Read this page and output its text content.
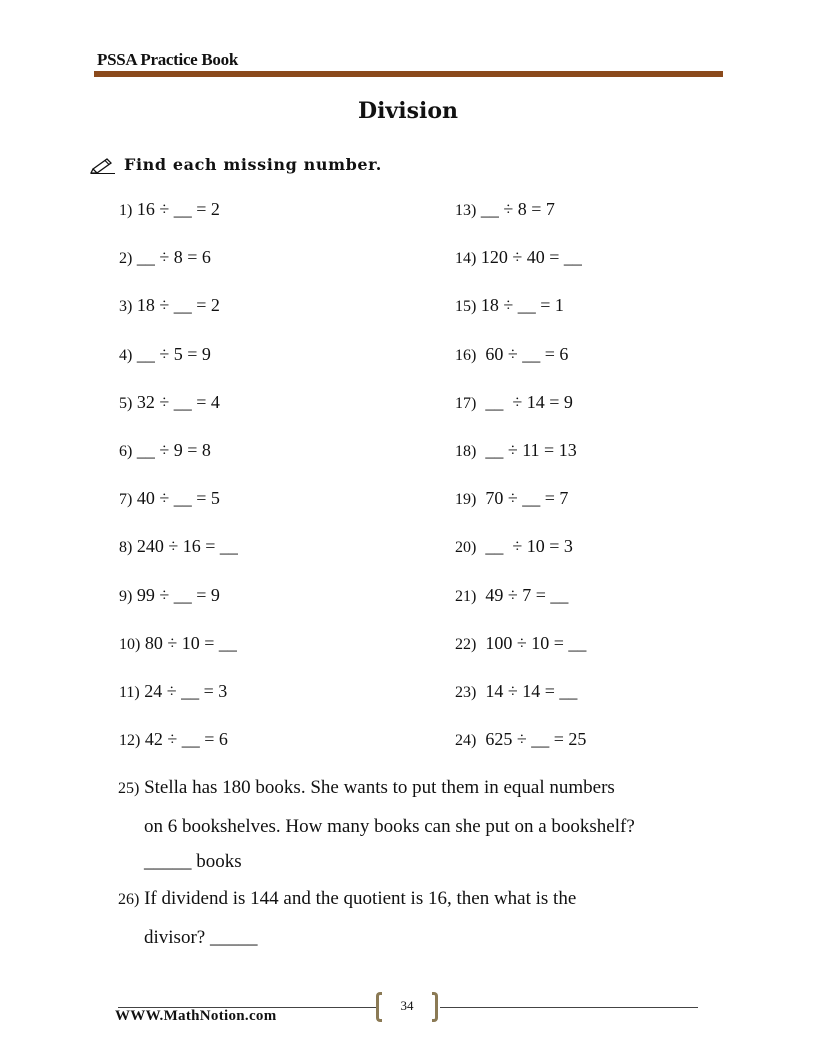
PSSA Practice Book
Division
Find each missing number.
1) 16 ÷ __ = 2
2) __ ÷ 8 = 6
3) 18 ÷ __ = 2
4) __ ÷ 5 = 9
5) 32 ÷ __ = 4
6) __ ÷ 9 = 8
7) 40 ÷ __ = 5
8) 240 ÷ 16 = __
9) 99 ÷ __ = 9
10) 80 ÷ 10 = __
11) 24 ÷ __ = 3
12) 42 ÷ __ = 6
13) __ ÷ 8 = 7
14) 120 ÷ 40 = __
15) 18 ÷ __ = 1
16)  60 ÷ __ = 6
17)  __  ÷ 14 = 9
18)  __ ÷ 11 = 13
19)  70 ÷ __ = 7
20)  __  ÷ 10 = 3
21)  49 ÷ 7 = __
22)  100 ÷ 10 = __
23)  14 ÷ 14 = __
24)  625 ÷ __ = 25
25) Stella has 180 books. She wants to put them in equal numbers
on 6 bookshelves. How many books can she put on a bookshelf?
_____ books
26) If dividend is 144 and the quotient is 16, then what is the
divisor? _____
34
WWW.MathNotion.com
